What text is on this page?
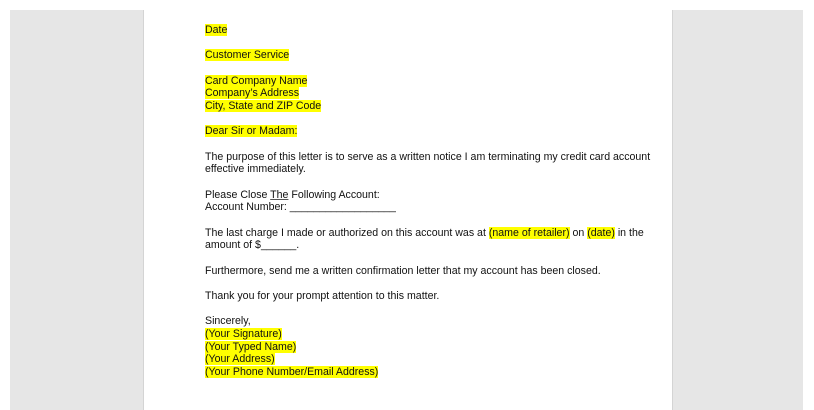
Date
Customer Service
Card Company Name
Company’s Address
City, State and ZIP Code
Dear Sir or Madam:
The purpose of this letter is to serve as a written notice I am terminating my credit card account
effective immediately.
Please Close The Following Account:
Account Number: __________________
The last charge I made or authorized on this account was at (name of retailer) on (date) in the
amount of $______.
Furthermore, send me a written confirmation letter that my account has been closed.
Thank you for your prompt attention to this matter.
Sincerely,
(Your Signature)
(Your Typed Name)
(Your Address)
(Your Phone Number/Email Address)
